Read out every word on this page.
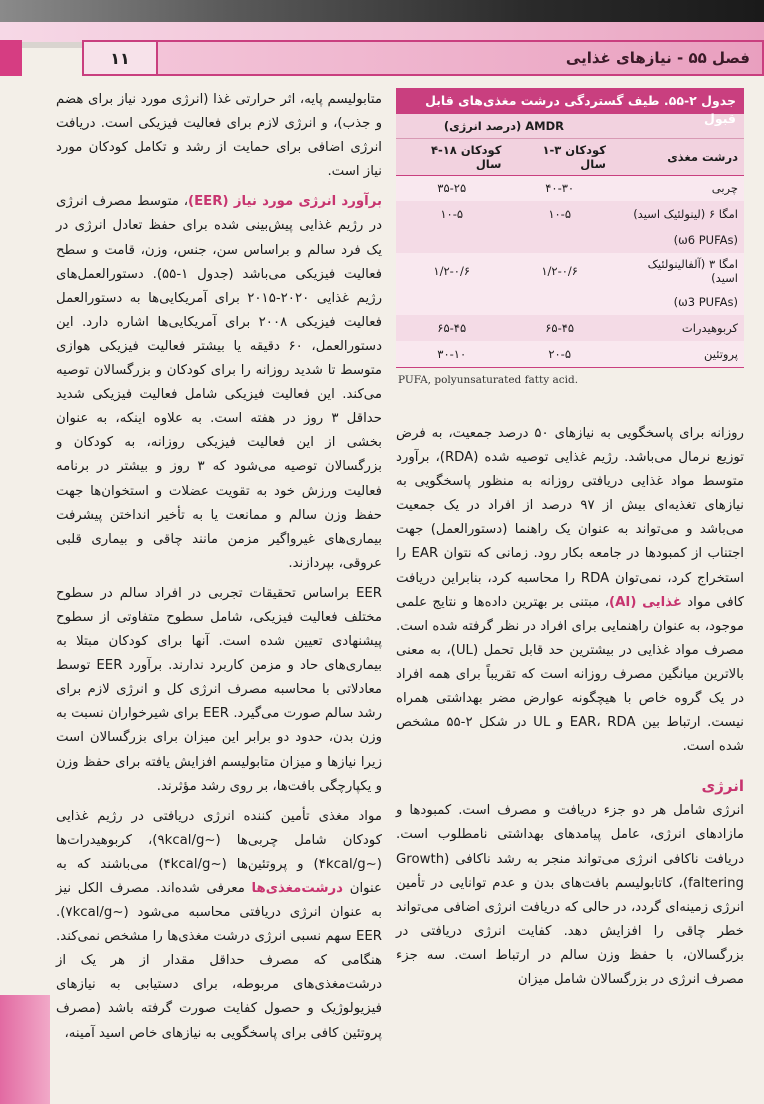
فصل ۵۵ - نیازهای غذایی
۱۱
جدول ۲-۵۵. طیف گستردگی درشت مغذی‌های قابل قبول
	AMDR (درصد انرژی)	
درشت مغذی	کودکان ۳-۱ سال	کودکان ۱۸-۴ سال
چربی	۴۰-۳۰	۳۵-۲۵
امگا ۶ (لینولئیک اسید)	۱۰-۵	۱۰-۵
(ω6 PUFAs)		
امگا ۳ (آلفالینولئیک اسید)	۱/۲-۰/۶	۱/۲-۰/۶
(ω3 PUFAs)		
کربوهیدرات	۶۵-۴۵	۶۵-۴۵
پروتئین	۲۰-۵	۳۰-۱۰
PUFA, polyunsaturated fatty acid.

روزانه برای پاسخگویی به نیازهای ۵۰ درصد جمعیت، به فرض توزیع نرمال می‌باشد. رژیم غذایی توصیه شده (RDA)، برآورد متوسط مواد غذایی دریافتی روزانه به منظور پاسخگویی به نیازهای تغذیه‌ای بیش از ۹۷ درصد از افراد در یک جمعیت می‌باشد و می‌تواند به عنوان یک راهنما (دستورالعمل) جهت اجتناب از کمبودها در جامعه بکار رود. زمانی که نتوان EAR را استخراج کرد، نمی‌توان RDA را محاسبه کرد، بنابراین دریافت کافی مواد غذایی (AI)، مبتنی بر بهترین داده‌ها و نتایج علمی موجود، به عنوان راهنمایی برای افراد در نظر گرفته شده است. مصرف مواد غذایی در بیشترین حد قابل تحمل (UL)، به معنی بالاترین میانگین مصرف روزانه است که تقریباً برای همه افراد در یک گروه خاص با هیچگونه عوارض مضر بهداشتی همراه نیست. ارتباط بین EAR، RDA و UL در شکل ۲-۵۵ مشخص شده است.

انرژی

انرژی شامل هر دو جزء دریافت و مصرف است. کمبودها و مازادهای انرژی، عامل پیامدهای بهداشتی نامطلوب است. دریافت ناکافی انرژی می‌تواند منجر به رشد ناکافی (Growth faltering)، کاتابولیسم بافت‌های بدن و عدم توانایی در تأمین انرژی زمینه‌ای گردد، در حالی که دریافت انرژی اضافی می‌تواند خطر چاقی را افزایش دهد. کفایت انرژی دریافتی در بزرگسالان، با حفظ وزن سالم در ارتباط است. سه جزء مصرف انرژی در بزرگسالان شامل میزان

متابولیسم پایه، اثر حرارتی غذا (انرژی مورد نیاز برای هضم و جذب)، و انرژی لازم برای فعالیت فیزیکی است. دریافت انرژی اضافی برای حمایت از رشد و تکامل کودکان مورد نیاز است.

برآورد انرژی مورد نیاز (EER)، متوسط مصرف انرژی در رژیم غذایی پیش‌بینی شده برای حفظ تعادل انرژی در یک فرد سالم و براساس سن، جنس، وزن، قامت و سطح فعالیت فیزیکی می‌باشد (جدول ۱-۵۵). دستورالعمل‌های رژیم غذایی ۲۰۲۰-۲۰۱۵ برای آمریکایی‌ها به دستورالعمل فعالیت فیزیکی ۲۰۰۸ برای آمریکایی‌ها اشاره دارد. این دستورالعمل، ۶۰ دقیقه یا بیشتر فعالیت فیزیکی هوازی متوسط تا شدید روزانه را برای کودکان و بزرگسالان توصیه می‌کند. این فعالیت فیزیکی شامل فعالیت فیزیکی شدید حداقل ۳ روز در هفته است. به علاوه اینکه، به عنوان بخشی از این فعالیت فیزیکی روزانه، به کودکان و بزرگسالان توصیه می‌شود که ۳ روز و بیشتر در برنامه فعالیت ورزش خود به تقویت عضلات و استخوان‌ها جهت حفظ وزن سالم و ممانعت یا به تأخیر انداختن پیشرفت بیماری‌های غیرواگیر مزمن مانند چاقی و بیماری قلبی عروقی، بپردازند.

EER براساس تحقیقات تجربی در افراد سالم در سطوح مختلف فعالیت فیزیکی، شامل سطوح متفاوتی از سطوح پیشنهادی تعیین شده است. آنها برای کودکان مبتلا به بیماری‌های حاد و مزمن کاربرد ندارند. برآورد EER توسط معادلاتی با محاسبه مصرف انرژی کل و انرژی لازم برای رشد سالم صورت می‌گیرد. EER برای شیرخواران نسبت به وزن بدن، حدود دو برابر این میزان برای بزرگسالان است زیرا نیازها و میزان متابولیسم افزایش یافته برای حفظ وزن و یکپارچگی بافت‌ها، بر روی رشد مؤثرند.

مواد مغذی تأمین کننده انرژی دریافتی در رژیم غذایی کودکان شامل چربی‌ها (~۹kcal/g)، کربوهیدرات‌ها (~۴kcal/g) و پروتئین‌ها (~۴kcal/g) می‌باشند که به عنوان درشت‌مغذی‌ها معرفی شده‌اند. مصرف الکل نیز به عنوان انرژی دریافتی محاسبه می‌شود (~۷kcal/g). EER سهم نسبی انرژی درشت مغذی‌ها را مشخص نمی‌کند. هنگامی که مصرف حداقل مقدار از هر یک از درشت‌مغذی‌های مربوطه، برای دستیابی به نیازهای فیزیولوژیک و حصول کفایت صورت گرفته باشد (مصرف پروتئین کافی برای پاسخگویی به نیازهای خاص اسید آمینه،
